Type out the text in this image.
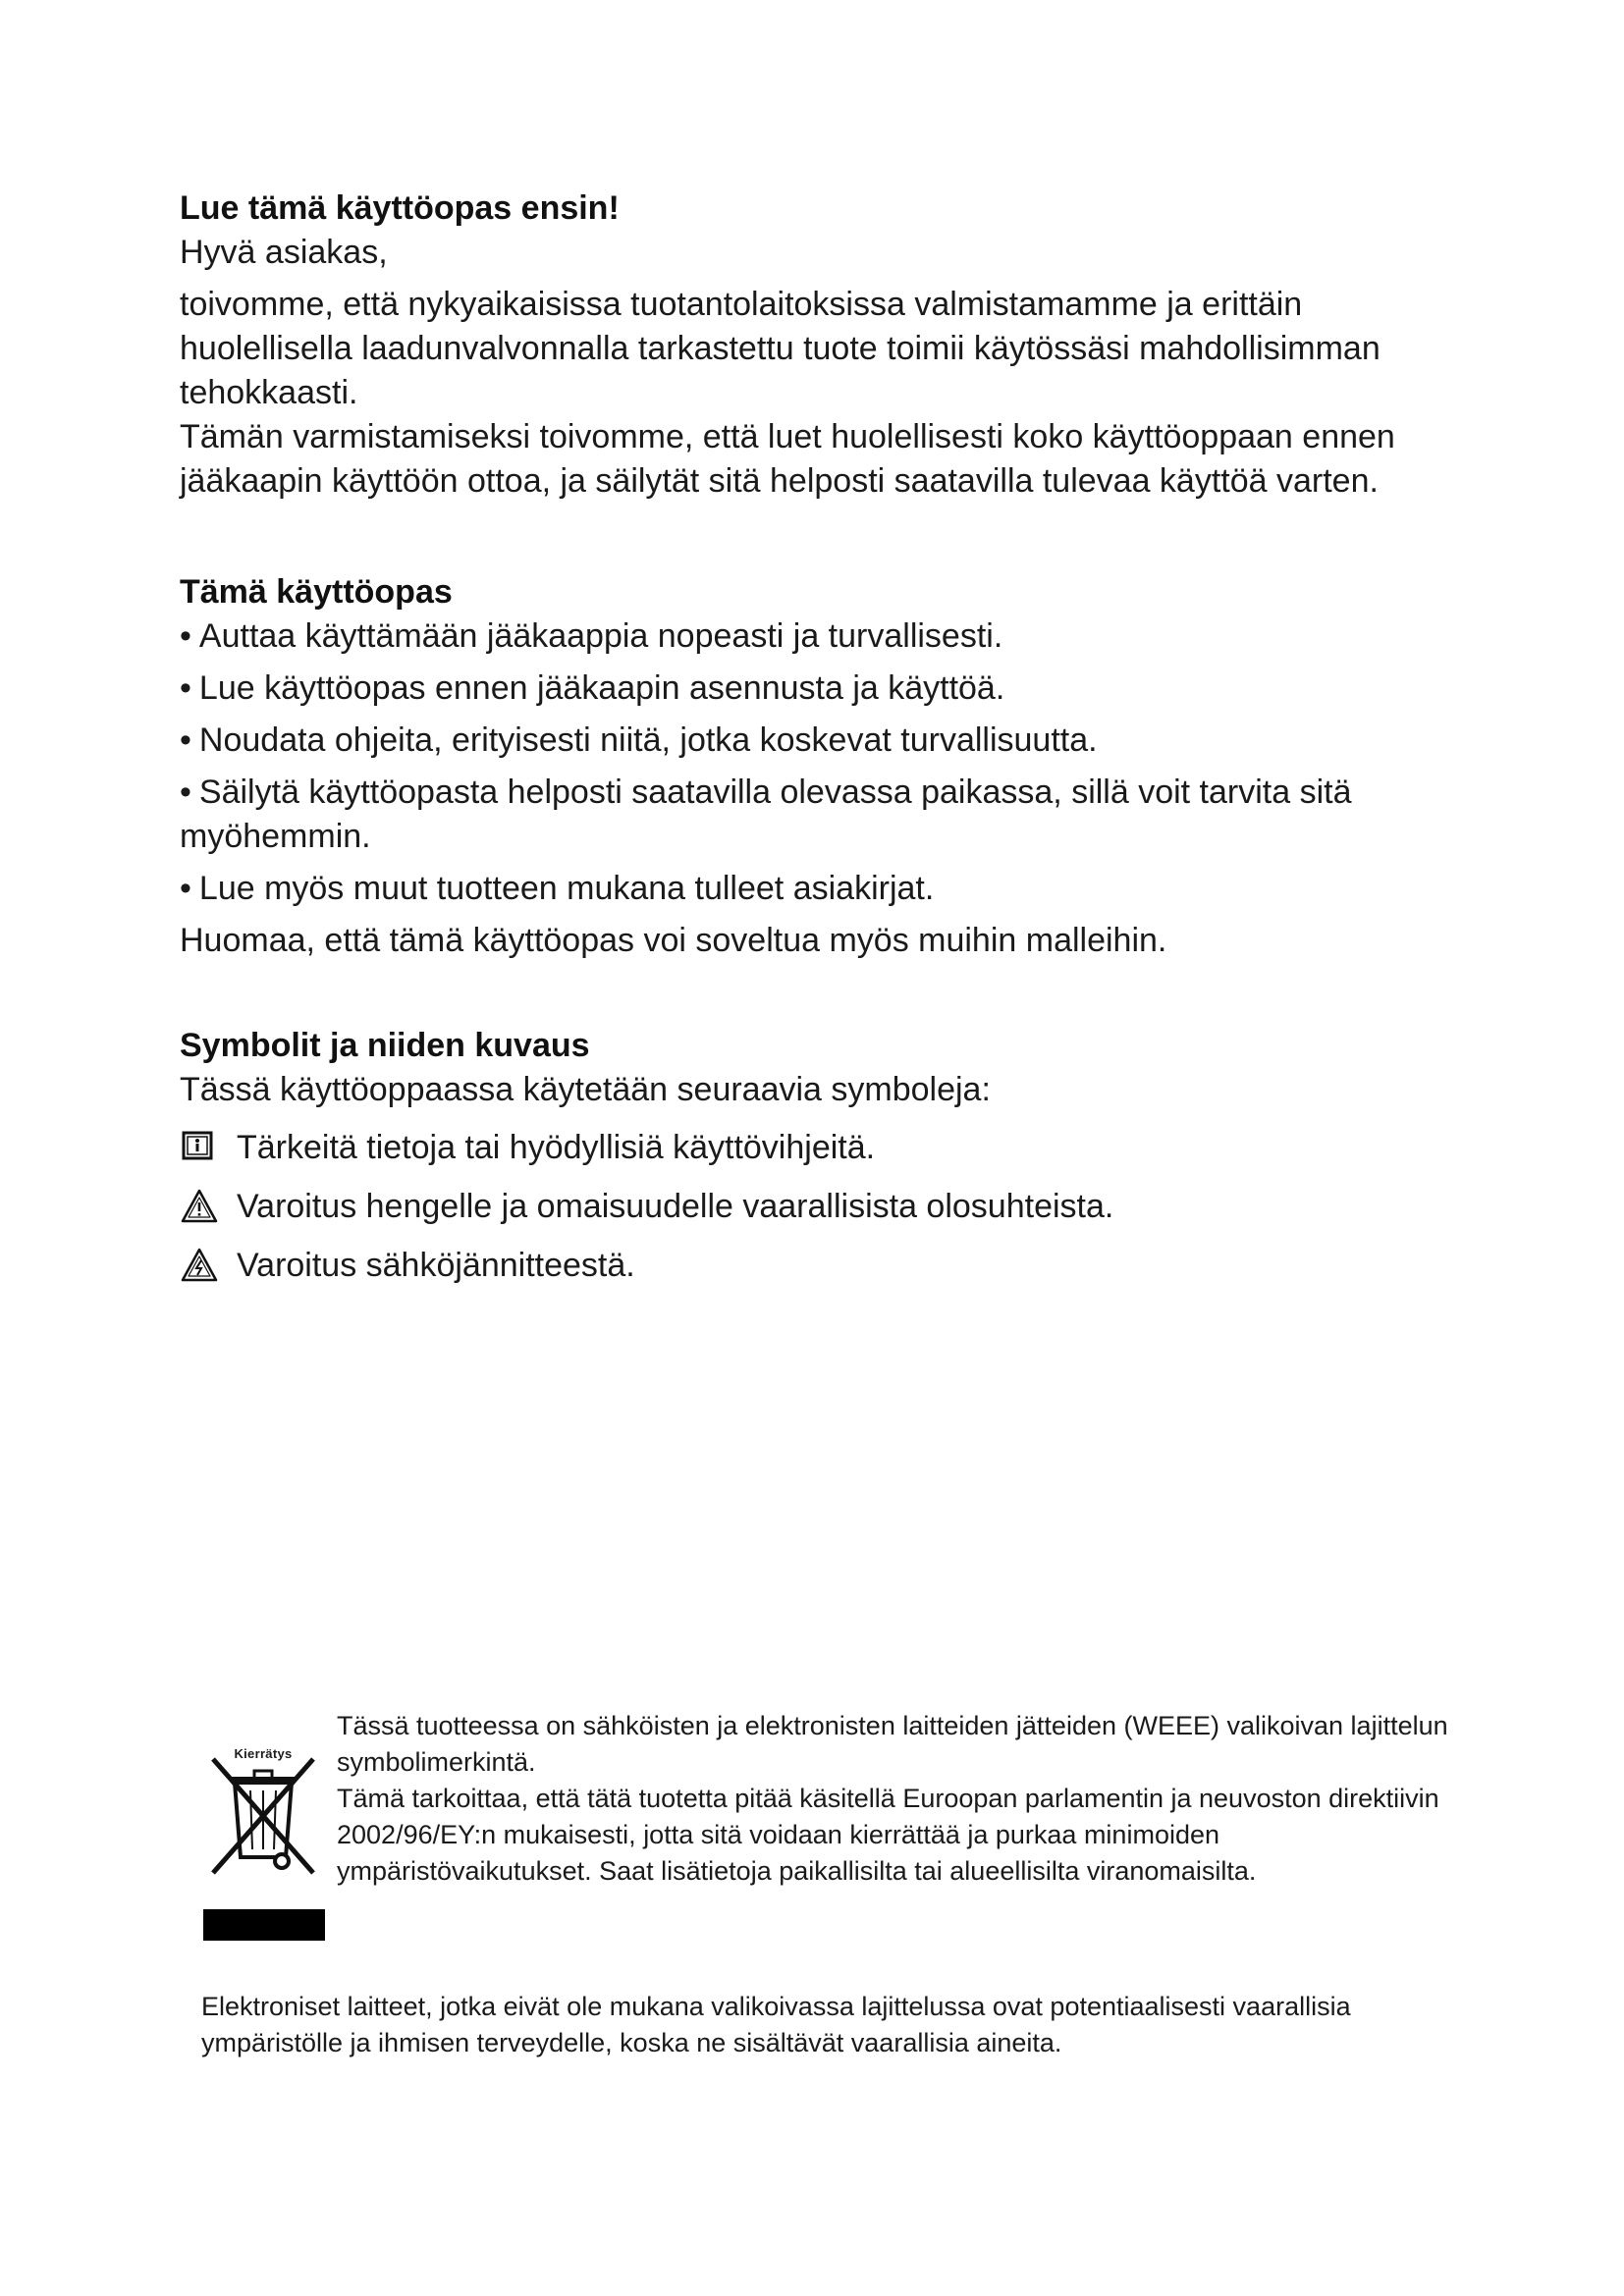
Lue tämä käyttöopas ensin!

Hyvä asiakas,

toivomme, että nykyaikaisissa tuotantolaitoksissa valmistamamme ja erittäin huolellisella laadunvalvonnalla tarkastettu tuote toimii käytössäsi mahdollisimman tehokkaasti.

Tämän varmistamiseksi toivomme, että luet huolellisesti koko käyttöoppaan ennen jääkaapin käyttöön ottoa, ja säilytät sitä helposti saatavilla tulevaa käyttöä varten.

Tämä käyttöopas
• Auttaa käyttämään jääkaappia nopeasti ja turvallisesti.
• Lue käyttöopas ennen jääkaapin asennusta ja käyttöä.
• Noudata ohjeita, erityisesti niitä, jotka koskevat turvallisuutta.
• Säilytä käyttöopasta helposti saatavilla olevassa paikassa, sillä voit tarvita sitä myöhemmin.
• Lue myös muut tuotteen mukana tulleet asiakirjat.

Huomaa, että tämä käyttöopas voi soveltua myös muihin malleihin.

Symbolit ja niiden kuvaus

Tässä käyttöoppaassa käytetään seuraavia symboleja:

Tärkeitä tietoja tai hyödyllisiä käyttövihjeitä.
Varoitus hengelle ja omaisuudelle vaarallisista olosuhteista.
Varoitus sähköjännitteestä.
Kierrätys

Tässä tuotteessa on sähköisten ja elektronisten laitteiden jätteiden (WEEE) valikoivan lajittelun symbolimerkintä.

Tämä tarkoittaa, että tätä tuotetta pitää käsitellä Euroopan parlamentin ja neuvoston direktiivin 2002/96/EY:n mukaisesti, jotta sitä voidaan kierrättää ja purkaa minimoiden ympäristövaikutukset. Saat lisätietoja paikallisilta tai alueellisilta viranomaisilta.

Elektroniset laitteet, jotka eivät ole mukana valikoivassa lajittelussa ovat potentiaalisesti vaarallisia ympäristölle ja ihmisen terveydelle, koska ne sisältävät vaarallisia aineita.
